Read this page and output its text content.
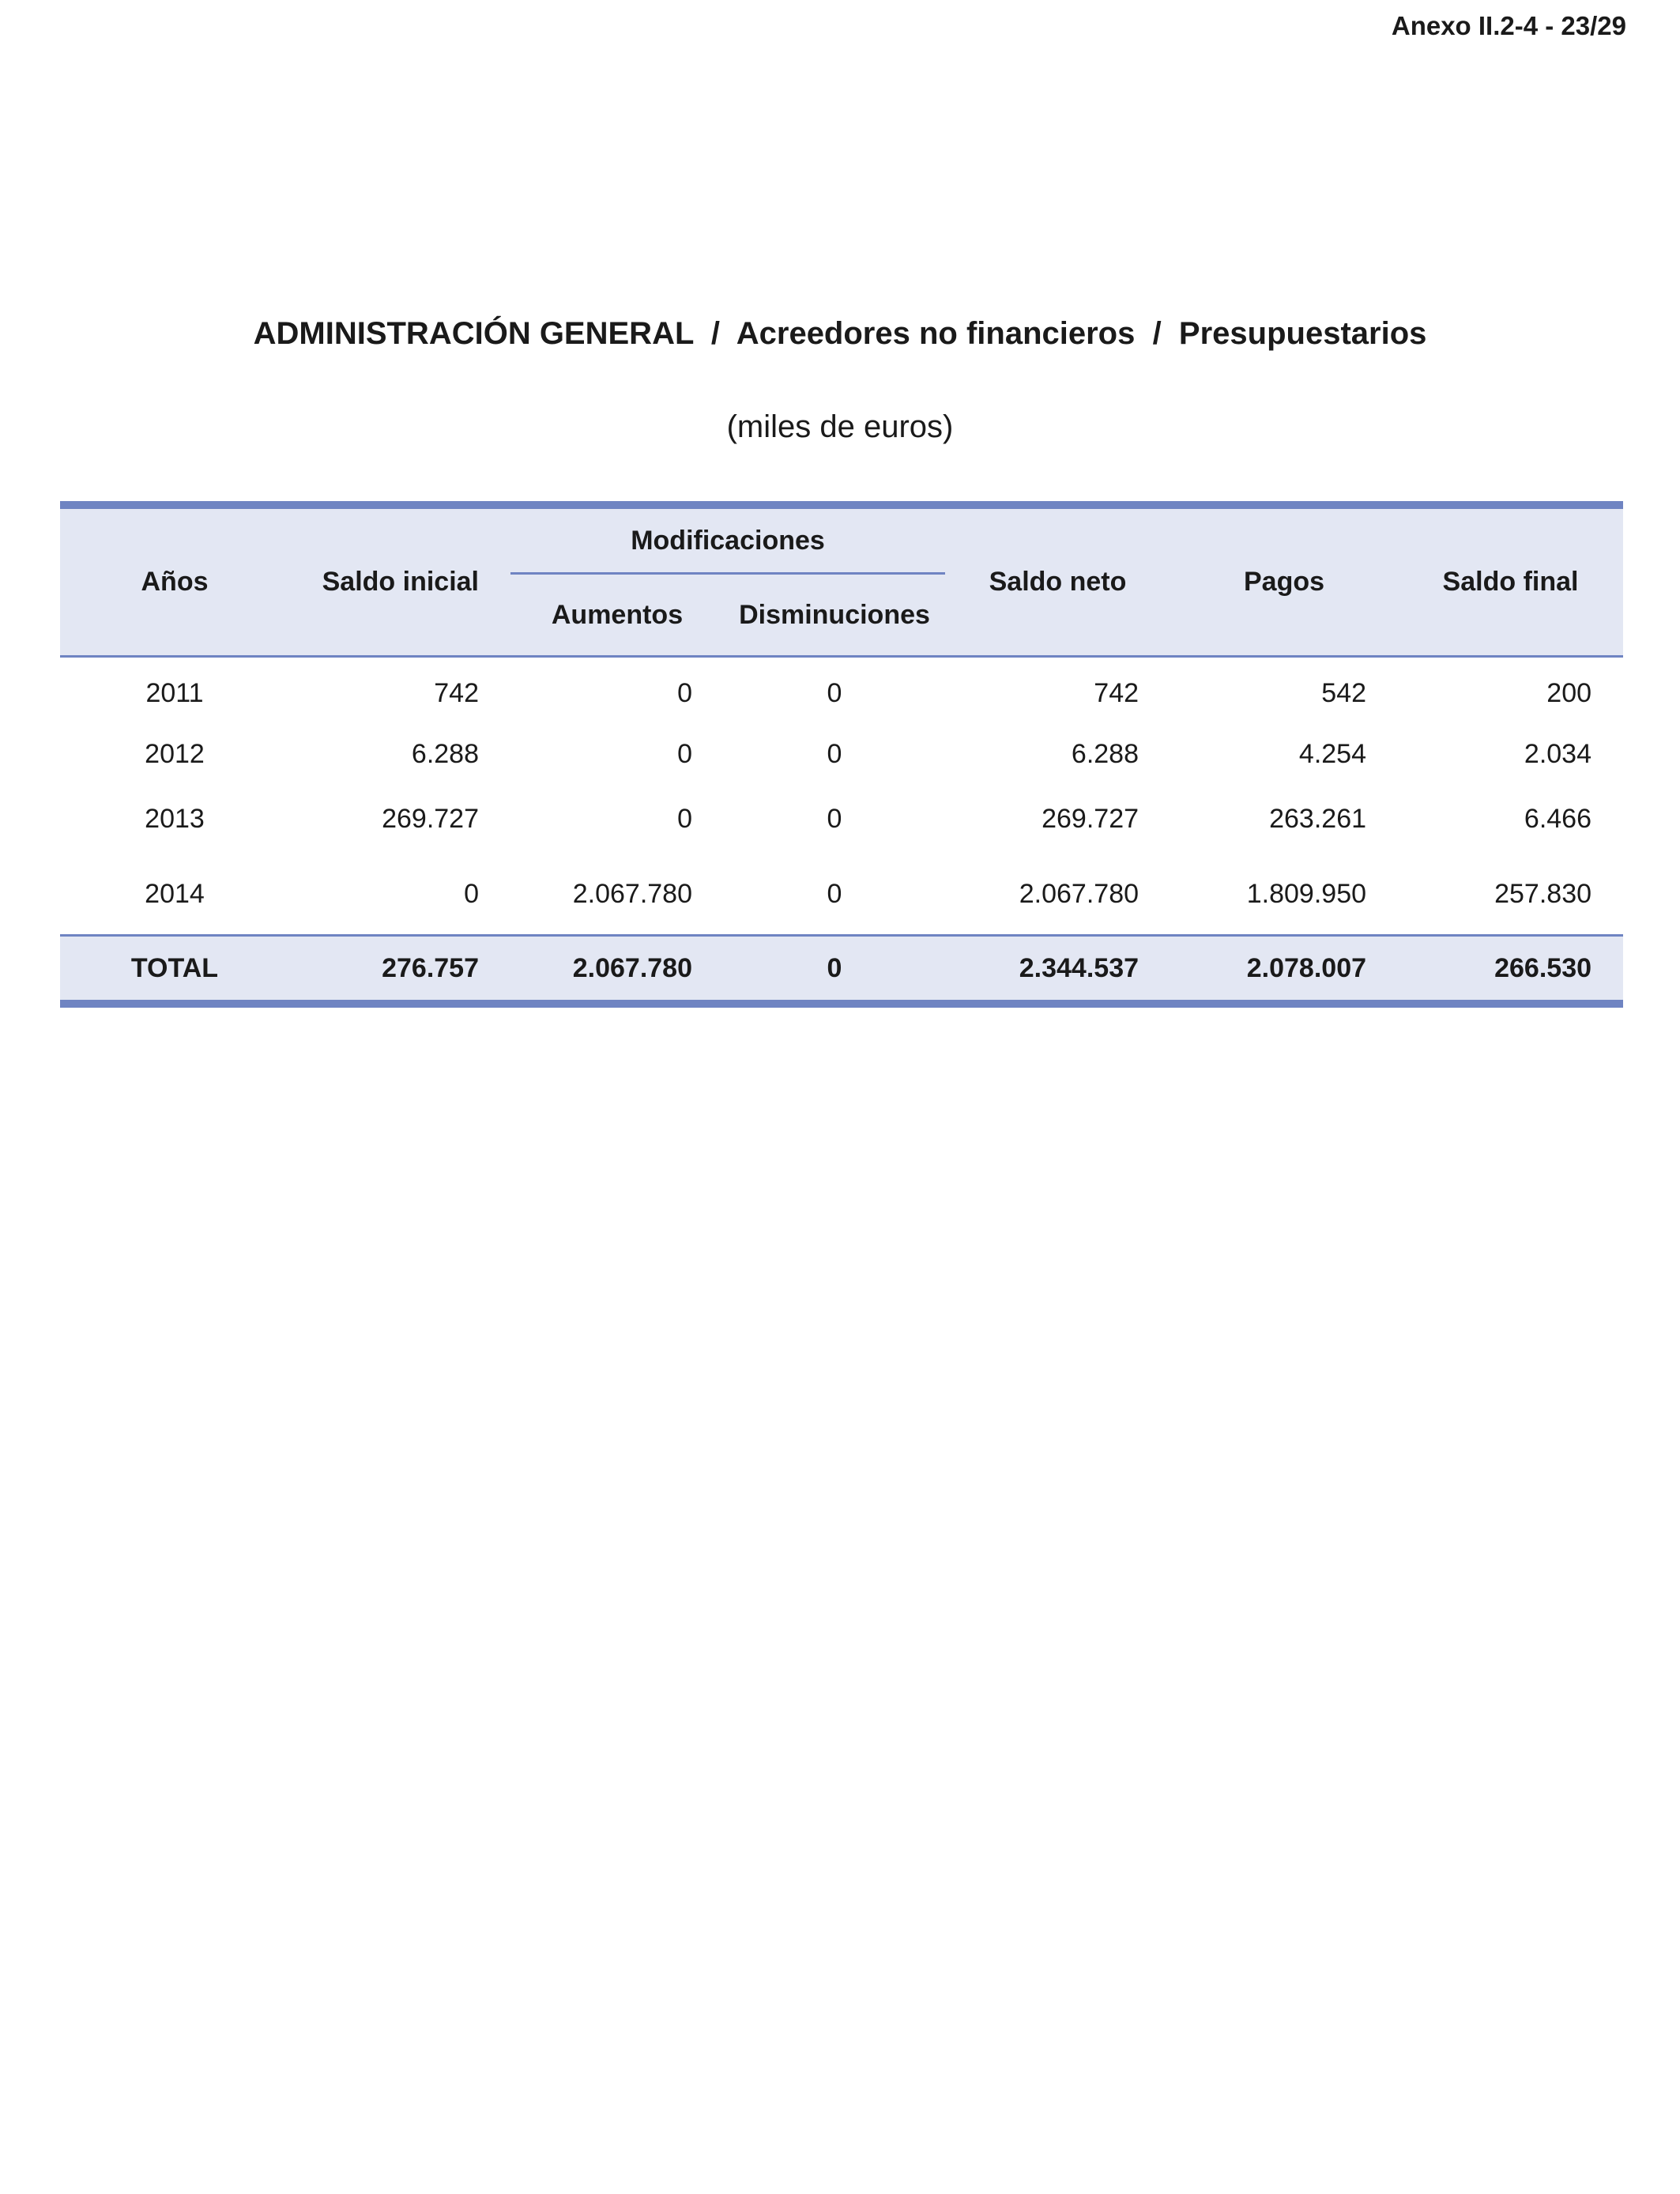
Anexo II.2-4 - 23/29
ADMINISTRACIÓN GENERAL  /  Acreedores no financieros  /  Presupuestarios
(miles de euros)
Años	Saldo inicial	Modificaciones		Saldo neto	Pagos	Saldo final
		Aumentos	Disminuciones			
2011	742	0	0	742	542	200
2012	6.288	0	0	6.288	4.254	2.034
2013	269.727	0	0	269.727	263.261	6.466
2014	0	2.067.780	0	2.067.780	1.809.950	257.830
TOTAL	276.757	2.067.780	0	2.344.537	2.078.007	266.530
